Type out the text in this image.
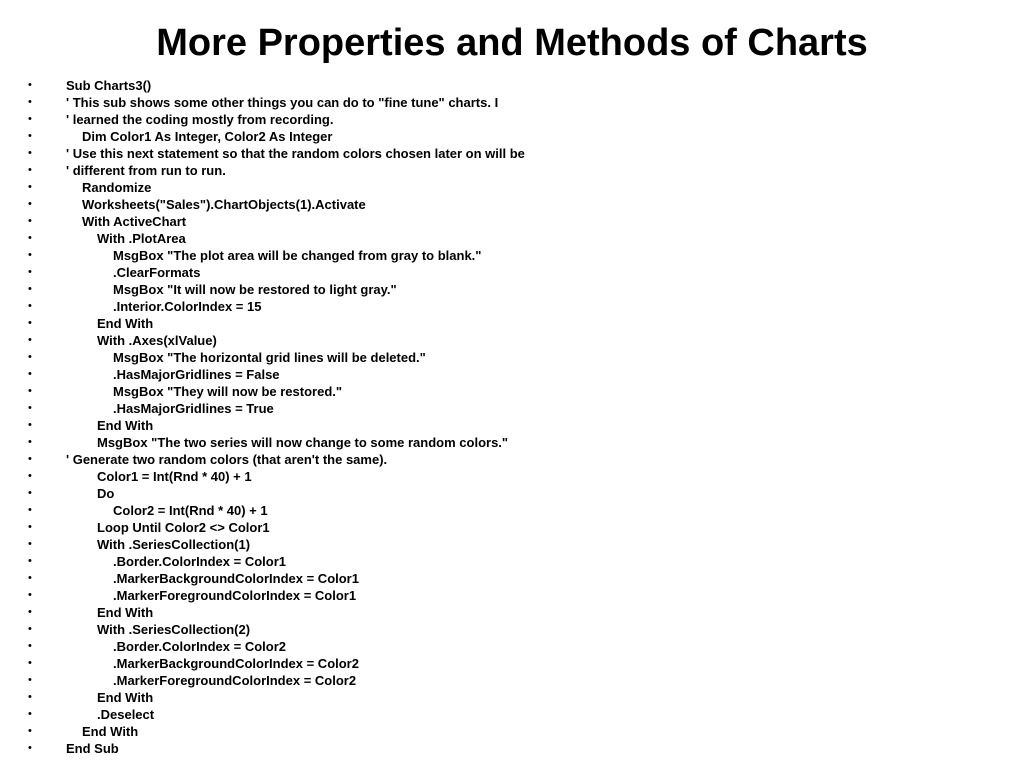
More Properties and Methods of Charts
•	Sub Charts3()
•	' This sub shows some other things you can do to "fine tune" charts. I
•	' learned the coding mostly from recording.
•	Dim Color1 As Integer, Color2 As Integer
•	' Use this next statement so that the random colors chosen later on will be
•	' different from run to run.
•	Randomize
•	Worksheets("Sales").ChartObjects(1).Activate
•	With ActiveChart
•	With .PlotArea
•	MsgBox "The plot area will be changed from gray to blank."
•	.ClearFormats
•	MsgBox "It will now be restored to light gray."
•	.Interior.ColorIndex = 15
•	End With
•	With .Axes(xlValue)
•	MsgBox "The horizontal grid lines will be deleted."
•	.HasMajorGridlines = False
•	MsgBox "They will now be restored."
•	.HasMajorGridlines = True
•	End With
•	MsgBox "The two series will now change to some random colors."
•	' Generate two random colors (that aren't the same).
•	Color1 = Int(Rnd * 40) + 1
•	Do
•	Color2 = Int(Rnd * 40) + 1
•	Loop Until Color2 <> Color1
•	With .SeriesCollection(1)
•	.Border.ColorIndex = Color1
•	.MarkerBackgroundColorIndex = Color1
•	.MarkerForegroundColorIndex = Color1
•	End With
•	With .SeriesCollection(2)
•	.Border.ColorIndex = Color2
•	.MarkerBackgroundColorIndex = Color2
•	.MarkerForegroundColorIndex = Color2
•	End With
•	.Deselect
•	End With
•	End Sub
